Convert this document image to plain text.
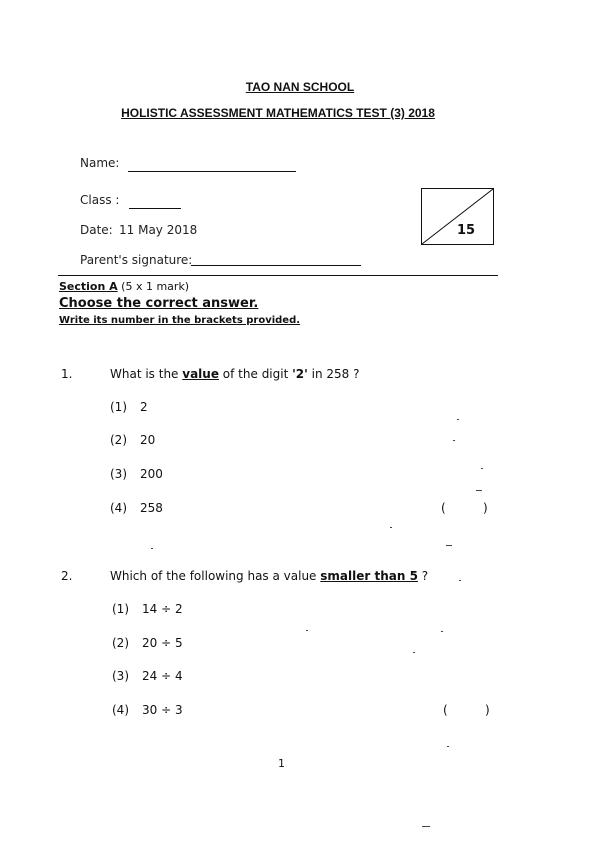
TAO NAN SCHOOL
HOLISTIC ASSESSMENT MATHEMATICS TEST (3) 2018
Name:
Class :
Date: 11 May 2018
Parent's signature:
15
Section A (5 x 1 mark)
Choose the correct answer.
Write its number in the brackets provided.
1.	What is the value of the digit '2' in 258 ?
(1) 2
(2) 20
(3) 200
(4) 258	(	)
2.	Which of the following has a value smaller than 5 ?
(1) 14 ÷ 2
(2) 20 ÷ 5
(3) 24 ÷ 4
(4) 30 ÷ 3	(	)
1
